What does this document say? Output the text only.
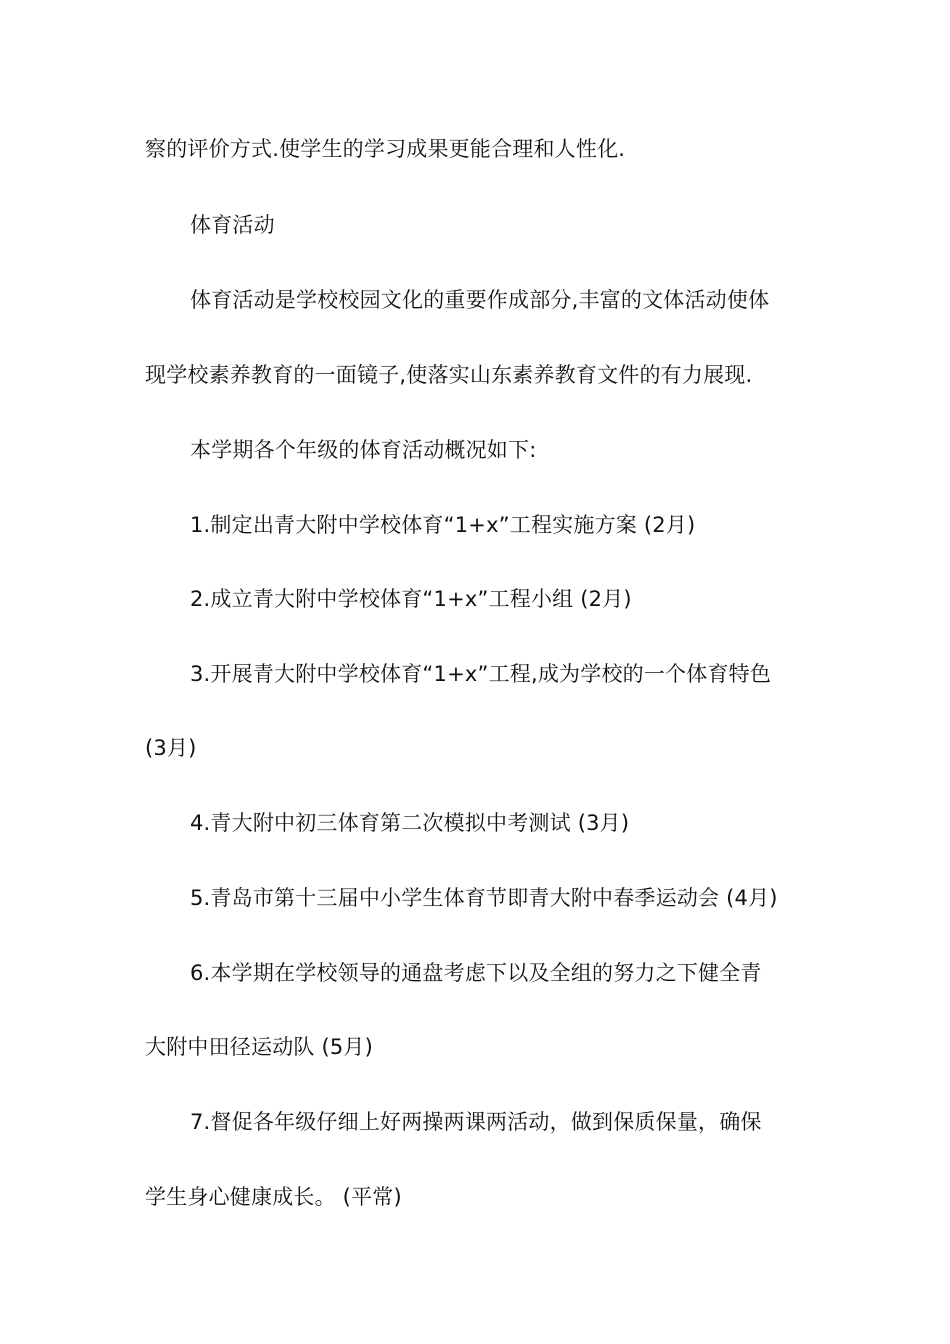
察的评价方式.使学生的学习成果更能合理和人性化.
体育活动
体育活动是学校校园文化的重要作成部分,丰富的文体活动使体
现学校素养教育的一面镜子,使落实山东素养教育文件的有力展现.
本学期各个年级的体育活动概况如下:
1.制定出青大附中学校体育“1+x”工程实施方案 (2月)
2.成立青大附中学校体育“1+x”工程小组 (2月)
3.开展青大附中学校体育“1+x”工程,成为学校的一个体育特色
(3月)
4.青大附中初三体育第二次模拟中考测试 (3月)
5.青岛市第十三届中小学生体育节即青大附中春季运动会 (4月)
6.本学期在学校领导的通盘考虑下以及全组的努力之下健全青
大附中田径运动队 (5月)
7.督促各年级仔细上好两操两课两活动，做到保质保量，确保
学生身心健康成长。 (平常)
